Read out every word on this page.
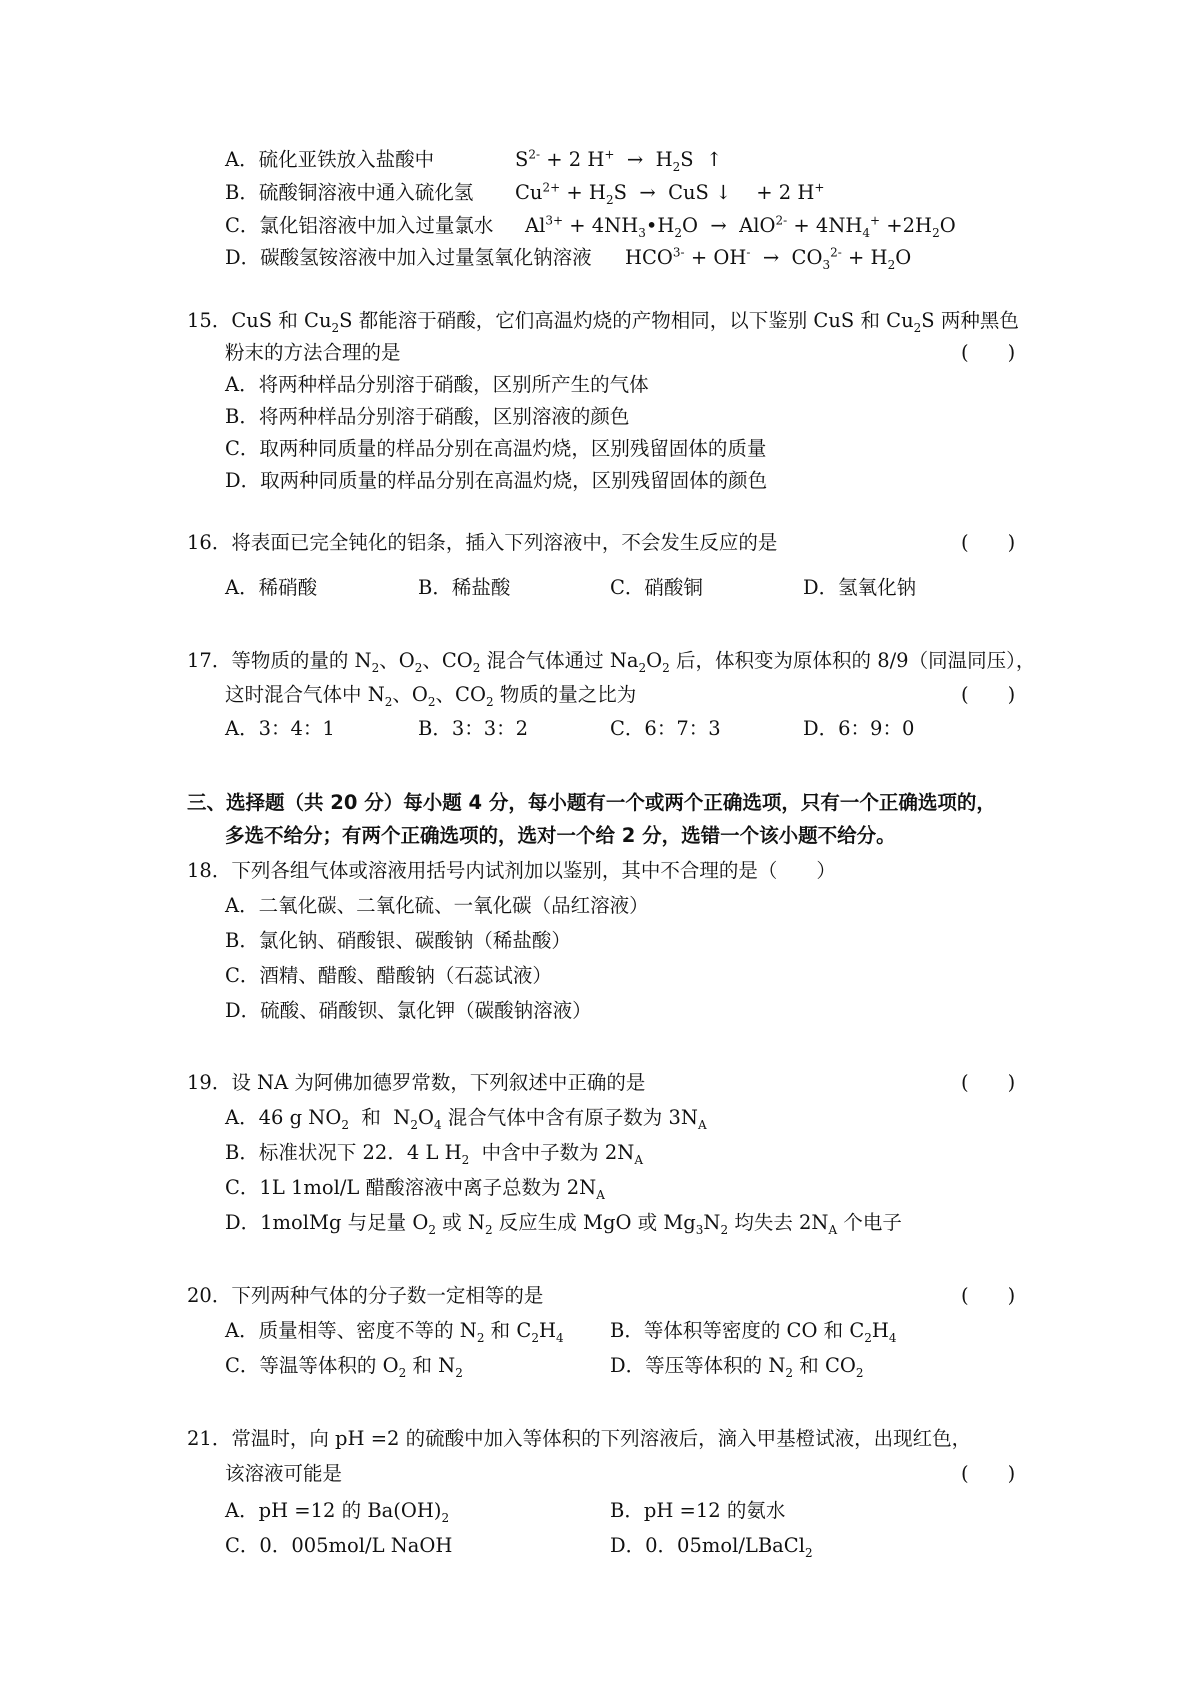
A．硫化亚铁放入盐酸中	$S^{2-} + 2$ $H^+ \to H_2S$  ↑
B．硫酸铜溶液中通入硫化氢 $Cu^{2+} + H_2S$  →  CuS ↓    + 2 H+
C．氯化铝溶液中加入过量氯水 $Al^{3+}$ + $4NH_3•H_2O \to AlO^{2-} + 4NH_4^+ +2H_2O$
D．碳酸氢铵溶液中加入过量氢氧化钠溶液 $HCO^{3-} + OH^- \to CO_3^{2-} + H_2O$
15．CuS 和 $Cu_2S$ 都能溶于硝酸，它们高温灼烧的产物相同，以下鉴别 CuS 和 $Cu_2S$ 两种黑色
粉末的方法合理的是	(　　)
A．将两种样品分别溶于硝酸，区别所产生的气体
B．将两种样品分别溶于硝酸，区别溶液的颜色
C．取两种同质量的样品分别在高温灼烧，区别残留固体的质量
D．取两种同质量的样品分别在高温灼烧，区别残留固体的颜色
16．将表面已完全钝化的铝条，插入下列溶液中，不会发生反应的是	(　　)
A．稀硝酸	B．稀盐酸	C．硝酸铜	D．氢氧化钠
17．等物质的量的 $N_2$、$O_2$、$CO_2$ 混合气体通过 $Na_2O_2$ 后，体积变为原体积的 8/9（同温同压），
这时混合气体中 $N_2$、$O_2$、$CO_2$ 物质的量之比为	(　　)
A．3：4：1	B．3：3：2	C．6：7：3	D．6：9：0
三、选择题（共 20 分）每小题 4 分，每小题有一个或两个正确选项，只有一个正确选项的，
多选不给分；有两个正确选项的，选对一个给 2 分，选错一个该小题不给分。
18．下列各组气体或溶液用括号内试剂加以鉴别，其中不合理的是（　　）
A．二氧化碳、二氧化硫、一氧化碳（品红溶液）
B．氯化钠、硝酸银、碳酸钠（稀盐酸）
C．酒精、醋酸、醋酸钠（石蕊试液）
D．硫酸、硝酸钡、氯化钾（碳酸钠溶液）
19．设 NA 为阿佛加德罗常数，下列叙述中正确的是	(　　)
A．46 g $NO_2$  和  $N_2O_4$ 混合气体中含有原子数为 $3N_A$
B．标准状况下 22．4 L $H_2$  中含中子数为 $2N_A$
C．1L 1mol/L 醋酸溶液中离子总数为 $2N_A$
D．1molMg 与足量 $O_2$ 或 $N_2$ 反应生成 MgO 或 $Mg_3N_2$ 均失去 $2N_A$ 个电子
20．下列两种气体的分子数一定相等的是	(　　)
A．质量相等、密度不等的 $N_2$ 和 $C_2H_4$ B．等体积等密度的 CO 和 $C_2H_4$
C．等温等体积的 $O_2$ 和 $N_2$	D．等压等体积的 $N_2$ 和 $CO_2$
21．常温时，向 pH =2 的硫酸中加入等体积的下列溶液后，滴入甲基橙试液，出现红色，
该溶液可能是	(　　)
A．pH =12 的 $Ba(OH)_2$	B．pH =12 的氨水
C．0．005mol/L NaOH	D．0．05mol/LBaCl$_2$
